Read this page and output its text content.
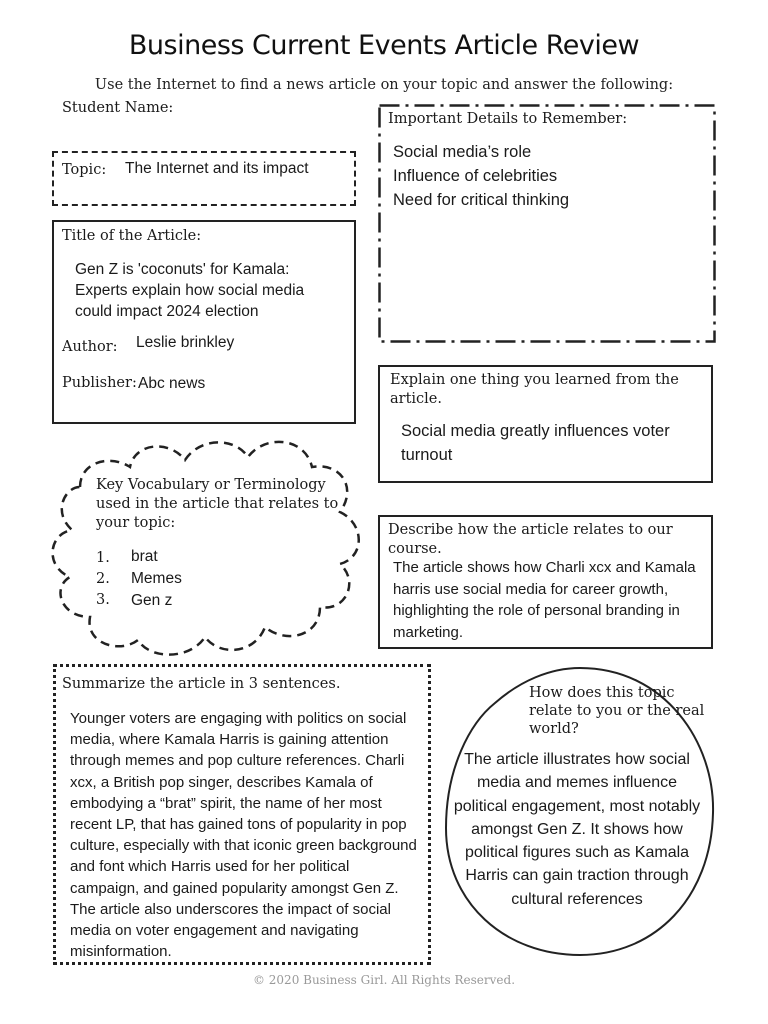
Business Current Events Article Review
Use the Internet to find a news article on your topic and answer the following:
Student Name:
Topic: The Internet and its impact
Title of the Article:
Gen Z is 'coconuts' for Kamala: Experts explain how social media could impact 2024 election
Author: Leslie brinkley
Publisher: Abc news
Important Details to Remember:
Social media’s role
Influence of celebrities
Need for critical thinking
Explain one thing you learned from the article.
Social media greatly influences voter turnout
Key Vocabulary or Terminology used in the article that relates to your topic:
1.
2.
3.
brat
Memes
Gen z
Describe how the article relates to our course.
The article shows how Charli xcx and Kamala harris use social media for career growth, highlighting the role of personal branding in marketing.
Summarize the article in 3 sentences.
Younger voters are engaging with politics on social media, where Kamala Harris is gaining attention through memes and pop culture references. Charli xcx, a British pop singer, describes Kamala of embodying a “brat” spirit, the name of her most recent LP, that has gained tons of popularity in pop culture, especially with that iconic green background and font which Harris used for her political campaign, and gained popularity amongst Gen Z. The article also underscores the impact of social media on voter engagement and navigating misinformation.
How does this topic relate to you or the real world?
The article illustrates how social media and memes influence political engagement, most notably amongst Gen Z. It shows how political figures such as Kamala Harris can gain traction through cultural references
© 2020 Business Girl. All Rights Reserved.
